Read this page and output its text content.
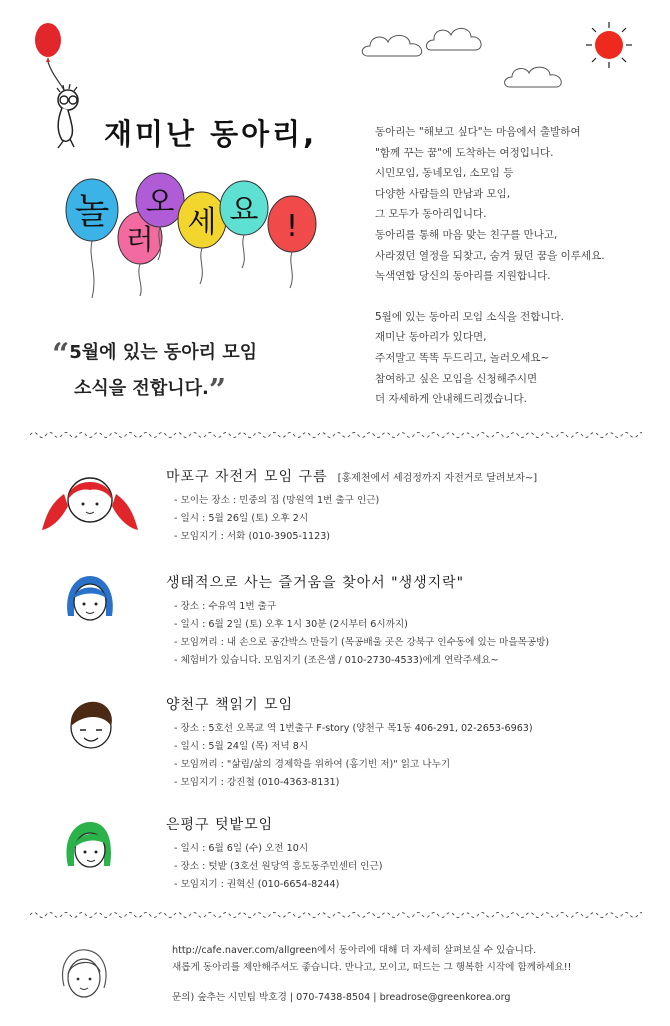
재미난 동아리,
놀
러
오
세 요 !

동아리는 "해보고 싶다"는 마음에서 출발하여

"함께 꾸는 꿈"에 도착하는 여정입니다.

시민모임, 동네모임, 소모임 등

다양한 사람들의 만남과 모임,

그 모두가 동아리입니다.

동아리를 통해 마음 맞는 친구를 만나고,

사라졌던 열정을 되찾고, 숨겨 뒀던 꿈을 이루세요.

녹색연합 당신의 동아리를 지원합니다.

5월에 있는 동아리 모임 소식을 전합니다.

재미난 동아리가 있다면,

주저말고 똑똑 두드리고, 놀러오세요~

참여하고 싶은 모임을 신청해주시면

더 자세하게 안내해드리겠습니다.

“5월에 있는 동아리 모임
소식을 전합니다.”
마포구 자전거 모임 구름 [홍제천에서 세검정까지 자전거로 달려보자~]
- 모이는 장소 : 민중의 집 (망원역 1번 출구 인근)
- 일시 : 5월 26일 (토) 오후 2시
- 모임지기 : 서화 (010-3905-1123)
생태적으로 사는 즐거움을 찾아서 "생생지락"
- 장소 : 수유역 1번 출구
- 일시 : 6월 2일 (토) 오후 1시 30분 (2시부터 6시까지)
- 모임꺼리 : 내 손으로 공간박스 만들기 (목공배울 곳은 강북구 인수동에 있는 마을목공방)
- 체험비가 있습니다. 모임지기 (조은샘 / 010-2730-4533)에게 연락주세요~
양천구 책읽기 모임
- 장소 : 5호선 오목교 역 1번출구 F-story (양천구 목1동 406-291, 02-2653-6963)
- 일시 : 5월 24일 (목) 저녁 8시
- 모임꺼리 : "삶림/삶의 경제학을 위하여 (홍기빈 저)" 읽고 나누기
- 모임지기 : 강진철 (010-4363-8131)
은평구 텃밭모임
- 일시 : 6월 6일 (수) 오전 10시
- 장소 : 텃밭 (3호선 원당역 흥도동주민센터 인근)
- 모임지기 : 권혁신 (010-6654-8244)

http://cafe.naver.com/allgreen에서 동아리에 대해 더 자세히 살펴보실 수 있습니다.

새롭게 동아리를 제안해주셔도 좋습니다. 만나고, 모이고, 떠드는 그 행복한 시작에 함께하세요!!

문의) 숲추는 시민팀 박호경 | 070-7438-8504 | breadrose@greenkorea.org
